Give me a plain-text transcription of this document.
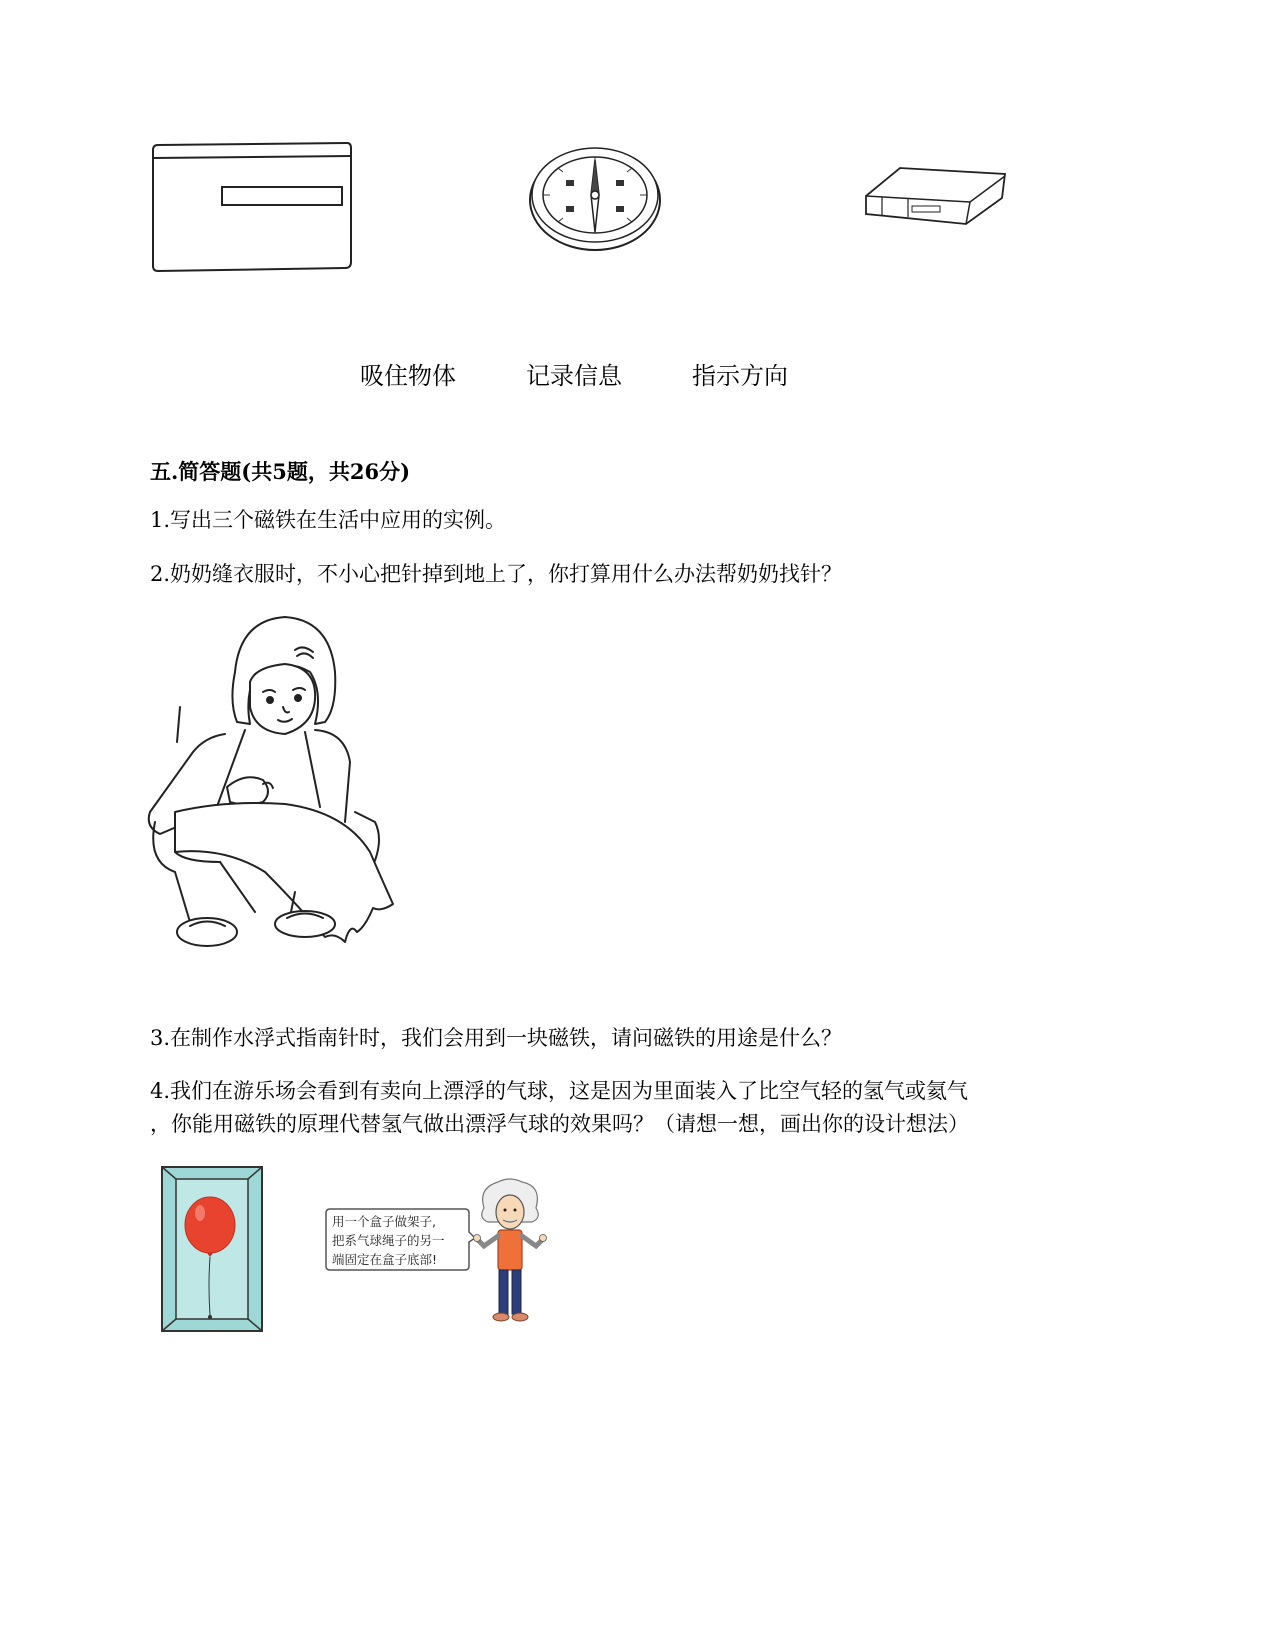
吸住物体	记录信息	指示方向
五.简答题(共5题，共26分)
1.写出三个磁铁在生活中应用的实例。
2.奶奶缝衣服时，不小心把针掉到地上了，你打算用什么办法帮奶奶找针？
3.在制作水浮式指南针时，我们会用到一块磁铁，请问磁铁的用途是什么？
4.我们在游乐场会看到有卖向上漂浮的气球，这是因为里面装入了比空气轻的氢气或氦气
，你能用磁铁的原理代替氢气做出漂浮气球的效果吗？（请想一想，画出你的设计想法）
用一个盒子做架子,
把系气球绳子的另一
端固定在盒子底部!
